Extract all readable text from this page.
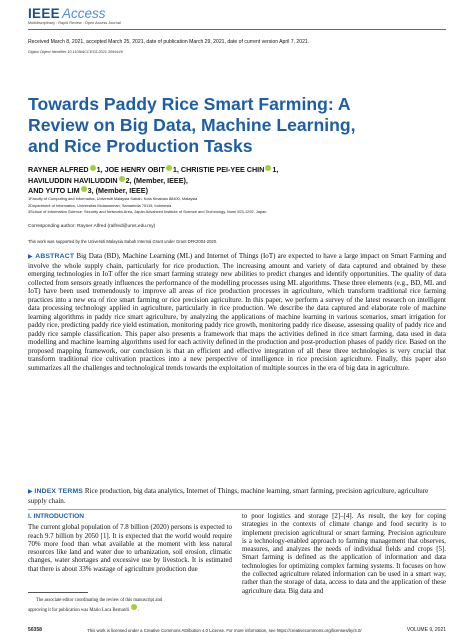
IEEE Access
Multidisciplinary : Rapid Review : Open Access Journal
Received March 8, 2021, accepted March 25, 2021, date of publication March 29, 2021, date of current version April 7, 2021.
Digital Object Identifier 10.1109/ACCESS.2021.3069449
Towards Paddy Rice Smart Farming: A Review on Big Data, Machine Learning, and Rice Production Tasks
RAYNER ALFRED 1, JOE HENRY OBIT 1, CHRISTIE PEI-YEE CHIN 1,
HAVILUDDIN HAVILUDDIN 2, (Member, IEEE),
AND YUTO LIM 3, (Member, IEEE)
1Faculty of Computing and Informatics, Universiti Malaysia Sabah, Kota Kinabalu 88400, Malaysia
2Department of Informatics, Universitas Mulawarman, Samarinda 75119, Indonesia
3School of Information Science, Security and Networks Area, Japan Advanced Institute of Science and Technology, Nomi 923-1292, Japan
Corresponding author: Rayner Alfred (ralfred@ums.edu.my)
This work was supported by the Universiti Malaysia Sabah Internal Grant under Grant DFK2004-2020.

▶ ABSTRACT Big Data (BD), Machine Learning (ML) and Internet of Things (IoT) are expected to have a large impact on Smart Farming and involve the whole supply chain, particularly for rice production. The increasing amount and variety of data captured and obtained by these emerging technologies in IoT offer the rice smart farming strategy new abilities to predict changes and identify opportunities. The quality of data collected from sensors greatly influences the performance of the modelling processes using ML algorithms. These three elements (e.g., BD, ML and IoT) have been used tremendously to improve all areas of rice production processes in agriculture, which transform traditional rice farming practices into a new era of rice smart farming or rice precision agriculture. In this paper, we perform a survey of the latest research on intelligent data processing technology applied in agriculture, particularly in rice production. We describe the data captured and elaborate role of machine learning algorithms in paddy rice smart agriculture, by analyzing the applications of machine learning in various scenarios, smart irrigation for paddy rice, predicting paddy rice yield estimation, monitoring paddy rice growth, monitoring paddy rice disease, assessing quality of paddy rice and paddy rice sample classification. This paper also presents a framework that maps the activities defined in rice smart farming, data used in data modelling and machine learning algorithms used for each activity defined in the production and post-production phases of paddy rice. Based on the proposed mapping framework, our conclusion is that an efficient and effective integration of all these three technologies is very crucial that transform traditional rice cultivation practices into a new perspective of intelligence in rice precision agriculture. Finally, this paper also summarizes all the challenges and technological trends towards the exploitation of multiple sources in the era of big data in agriculture.

▶ INDEX TERMS Rice production, big data analytics, Internet of Things, machine learning, smart farming, precision agriculture, agriculture supply chain.

I. INTRODUCTION

The current global population of 7.8 billion (2020) persons is expected to reach 9.7 billion by 2050 [1]. It is expected that the world would require 70% more food than what available at the moment with less natural resources like land and water due to urbanization, soil erosion, climatic changes, water shortages and excessive use by livestock. It is estimated that there is about 33% wastage of agriculture production due

to poor logistics and storage [2]–[4]. As result, the key for coping strategies in the contexts of climate change and food security is to implement precision agricultural or smart farming. Precision agriculture is a technology-enabled approach to farming management that observes, measures, and analyzes the needs of individual fields and crops [5]. Smart farming is defined as the application of information and data technologies for optimizing complex farming systems. It focuses on how the collected agriculture related information can be used in a smart way, rather than the storage of data, access to data and the application of these agriculture data. Big data and

The associate editor coordinating the review of this manuscript and
approving it for publication was Mario Luca Bernardi .
50358	This work is licensed under a Creative Commons Attribution 4.0 License. For more information, see https://creativecommons.org/licenses/by/4.0/	VOLUME 9, 2021
